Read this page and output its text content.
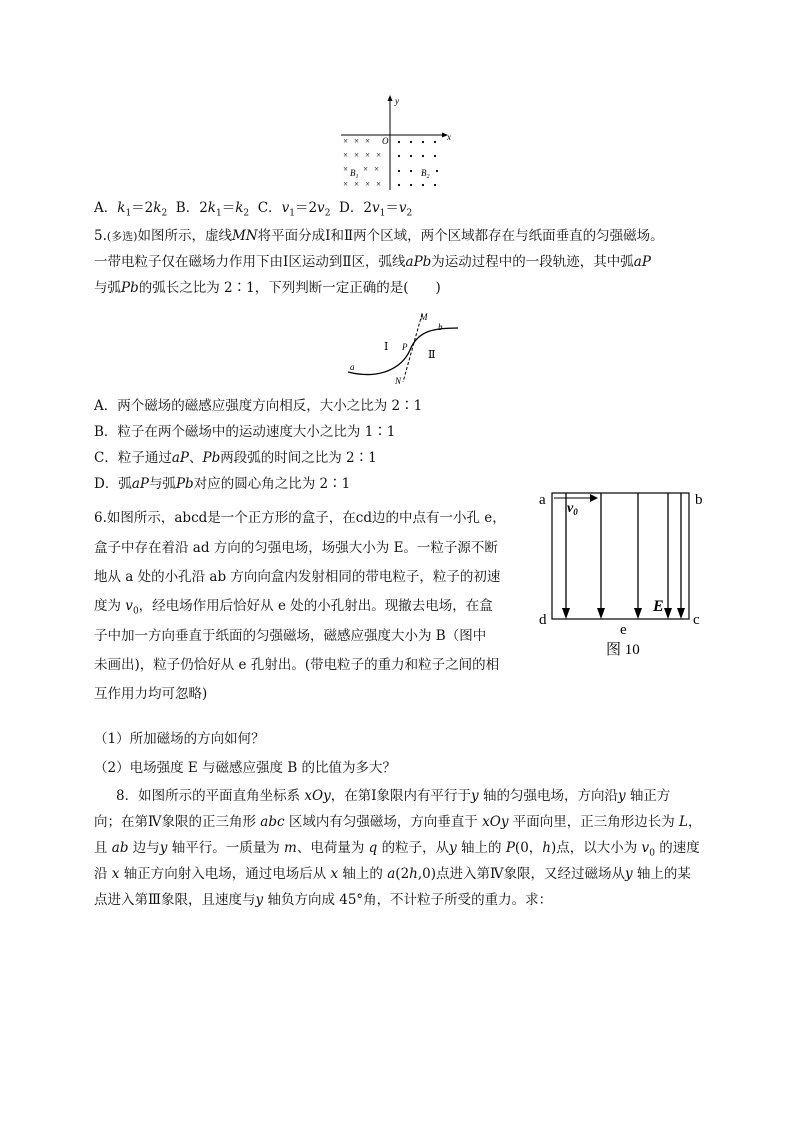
y
x
O
× × ×
× × × ×
× ×
×
× × × ×
$B_1$	$B_2$
A．$k_1=2k_2$ B．$2k_1=k_2$ C．$v_1=2v_2$ D．$2v_1=v_2$
5.(多选)如图所示，虚线MN将平面分成Ⅰ和Ⅱ两个区域，两个区域都存在与纸面垂直的匀强磁场。
一带电粒子仅在磁场力作用下由Ⅰ区运动到Ⅱ区，弧线aPb为运动过程中的一段轨迹，其中弧aP
与弧Pb的弧长之比为 2∶1，下列判断一定正确的是(　　)
M
N
P
a
b
Ⅰ
Ⅱ
A．两个磁场的磁感应强度方向相反，大小之比为 2∶1
B．粒子在两个磁场中的运动速度大小之比为 1∶1
C．粒子通过aP、Pb两段弧的时间之比为 2∶1
D．弧aP与弧Pb对应的圆心角之比为 2∶1
6.如图所示，abcd是一个正方形的盒子，在cd边的中点有一小孔 e，
盒子中存在着沿 ad 方向的匀强电场，场强大小为 E。一粒子源不断
地从 a 处的小孔沿 ab 方向向盒内发射相同的带电粒子，粒子的初速
度为 $v_0$，经电场作用后恰好从 e 处的小孔射出。现撤去电场，在盒
子中加一方向垂直于纸面的匀强磁场，磁感应强度大小为 B（图中
未画出)，粒子仍恰好从 e 孔射出。(带电粒子的重力和粒子之间的相
互作用力均可忽略)
（1）所加磁场的方向如何？
（2）电场强度 E 与磁感应强度 B 的比值为多大？
a	b
d	c
e
$v_0$
E
图 10
8．如图所示的平面直角坐标系 xOy，在第Ⅰ象限内有平行于y 轴的匀强电场，方向沿y 轴正方
向；在第Ⅳ象限的正三角形 abc 区域内有匀强磁场，方向垂直于 xOy 平面向里，正三角形边长为 L，
且 ab 边与y 轴平行。一质量为 m、电荷量为 q 的粒子，从y 轴上的 P(0，h)点，以大小为 $v_0$ 的速度
沿 x 轴正方向射入电场，通过电场后从 x 轴上的 a(2h,0)点进入第Ⅳ象限，又经过磁场从y 轴上的某
点进入第Ⅲ象限，且速度与y 轴负方向成 45°角，不计粒子所受的重力。求：
